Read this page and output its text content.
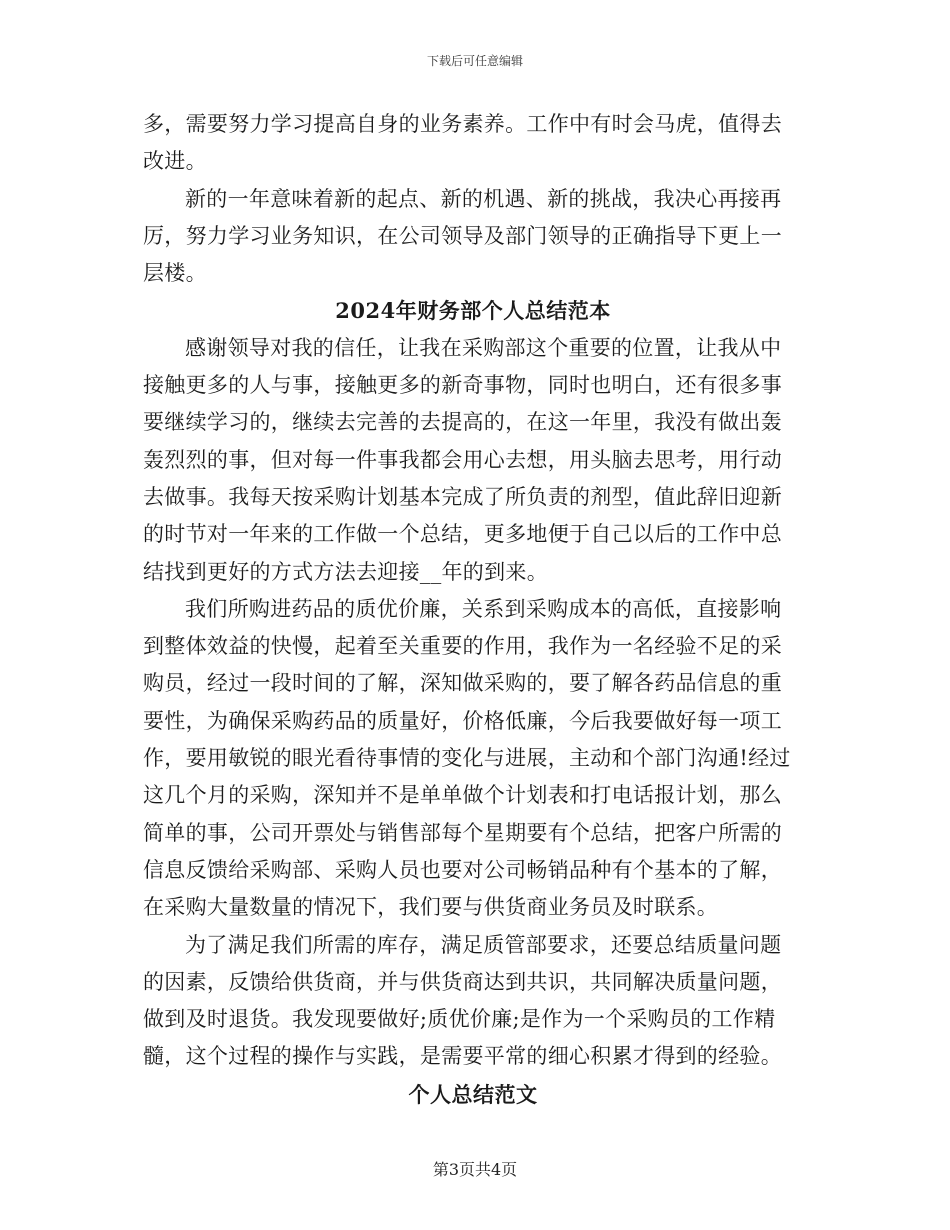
下载后可任意编辑

多，需要努力学习提高自身的业务素养。工作中有时会马虎，值得去
改进。

新的一年意味着新的起点、新的机遇、新的挑战，我决心再接再
厉，努力学习业务知识，在公司领导及部门领导的正确指导下更上一
层楼。

2024年财务部个人总结范本

感谢领导对我的信任，让我在采购部这个重要的位置，让我从中
接触更多的人与事，接触更多的新奇事物，同时也明白，还有很多事
要继续学习的，继续去完善的去提高的，在这一年里，我没有做出轰
轰烈烈的事，但对每一件事我都会用心去想，用头脑去思考，用行动
去做事。我每天按采购计划基本完成了所负责的剂型，值此辞旧迎新
的时节对一年来的工作做一个总结，更多地便于自己以后的工作中总
结找到更好的方式方法去迎接__年的到来。

我们所购进药品的质优价廉，关系到采购成本的高低，直接影响
到整体效益的快慢，起着至关重要的作用，我作为一名经验不足的采
购员，经过一段时间的了解，深知做采购的，要了解各药品信息的重
要性，为确保采购药品的质量好，价格低廉，今后我要做好每一项工
作，要用敏锐的眼光看待事情的变化与进展，主动和个部门沟通!经过
这几个月的采购，深知并不是单单做个计划表和打电话报计划，那么
简单的事，公司开票处与销售部每个星期要有个总结，把客户所需的
信息反馈给采购部、采购人员也要对公司畅销品种有个基本的了解，
在采购大量数量的情况下，我们要与供货商业务员及时联系。

为了满足我们所需的库存，满足质管部要求，还要总结质量问题
的因素，反馈给供货商，并与供货商达到共识，共同解决质量问题，
做到及时退货。我发现要做好;质优价廉;是作为一个采购员的工作精
髓，这个过程的操作与实践，是需要平常的细心积累才得到的经验。

个人总结范文
第3页共4页
